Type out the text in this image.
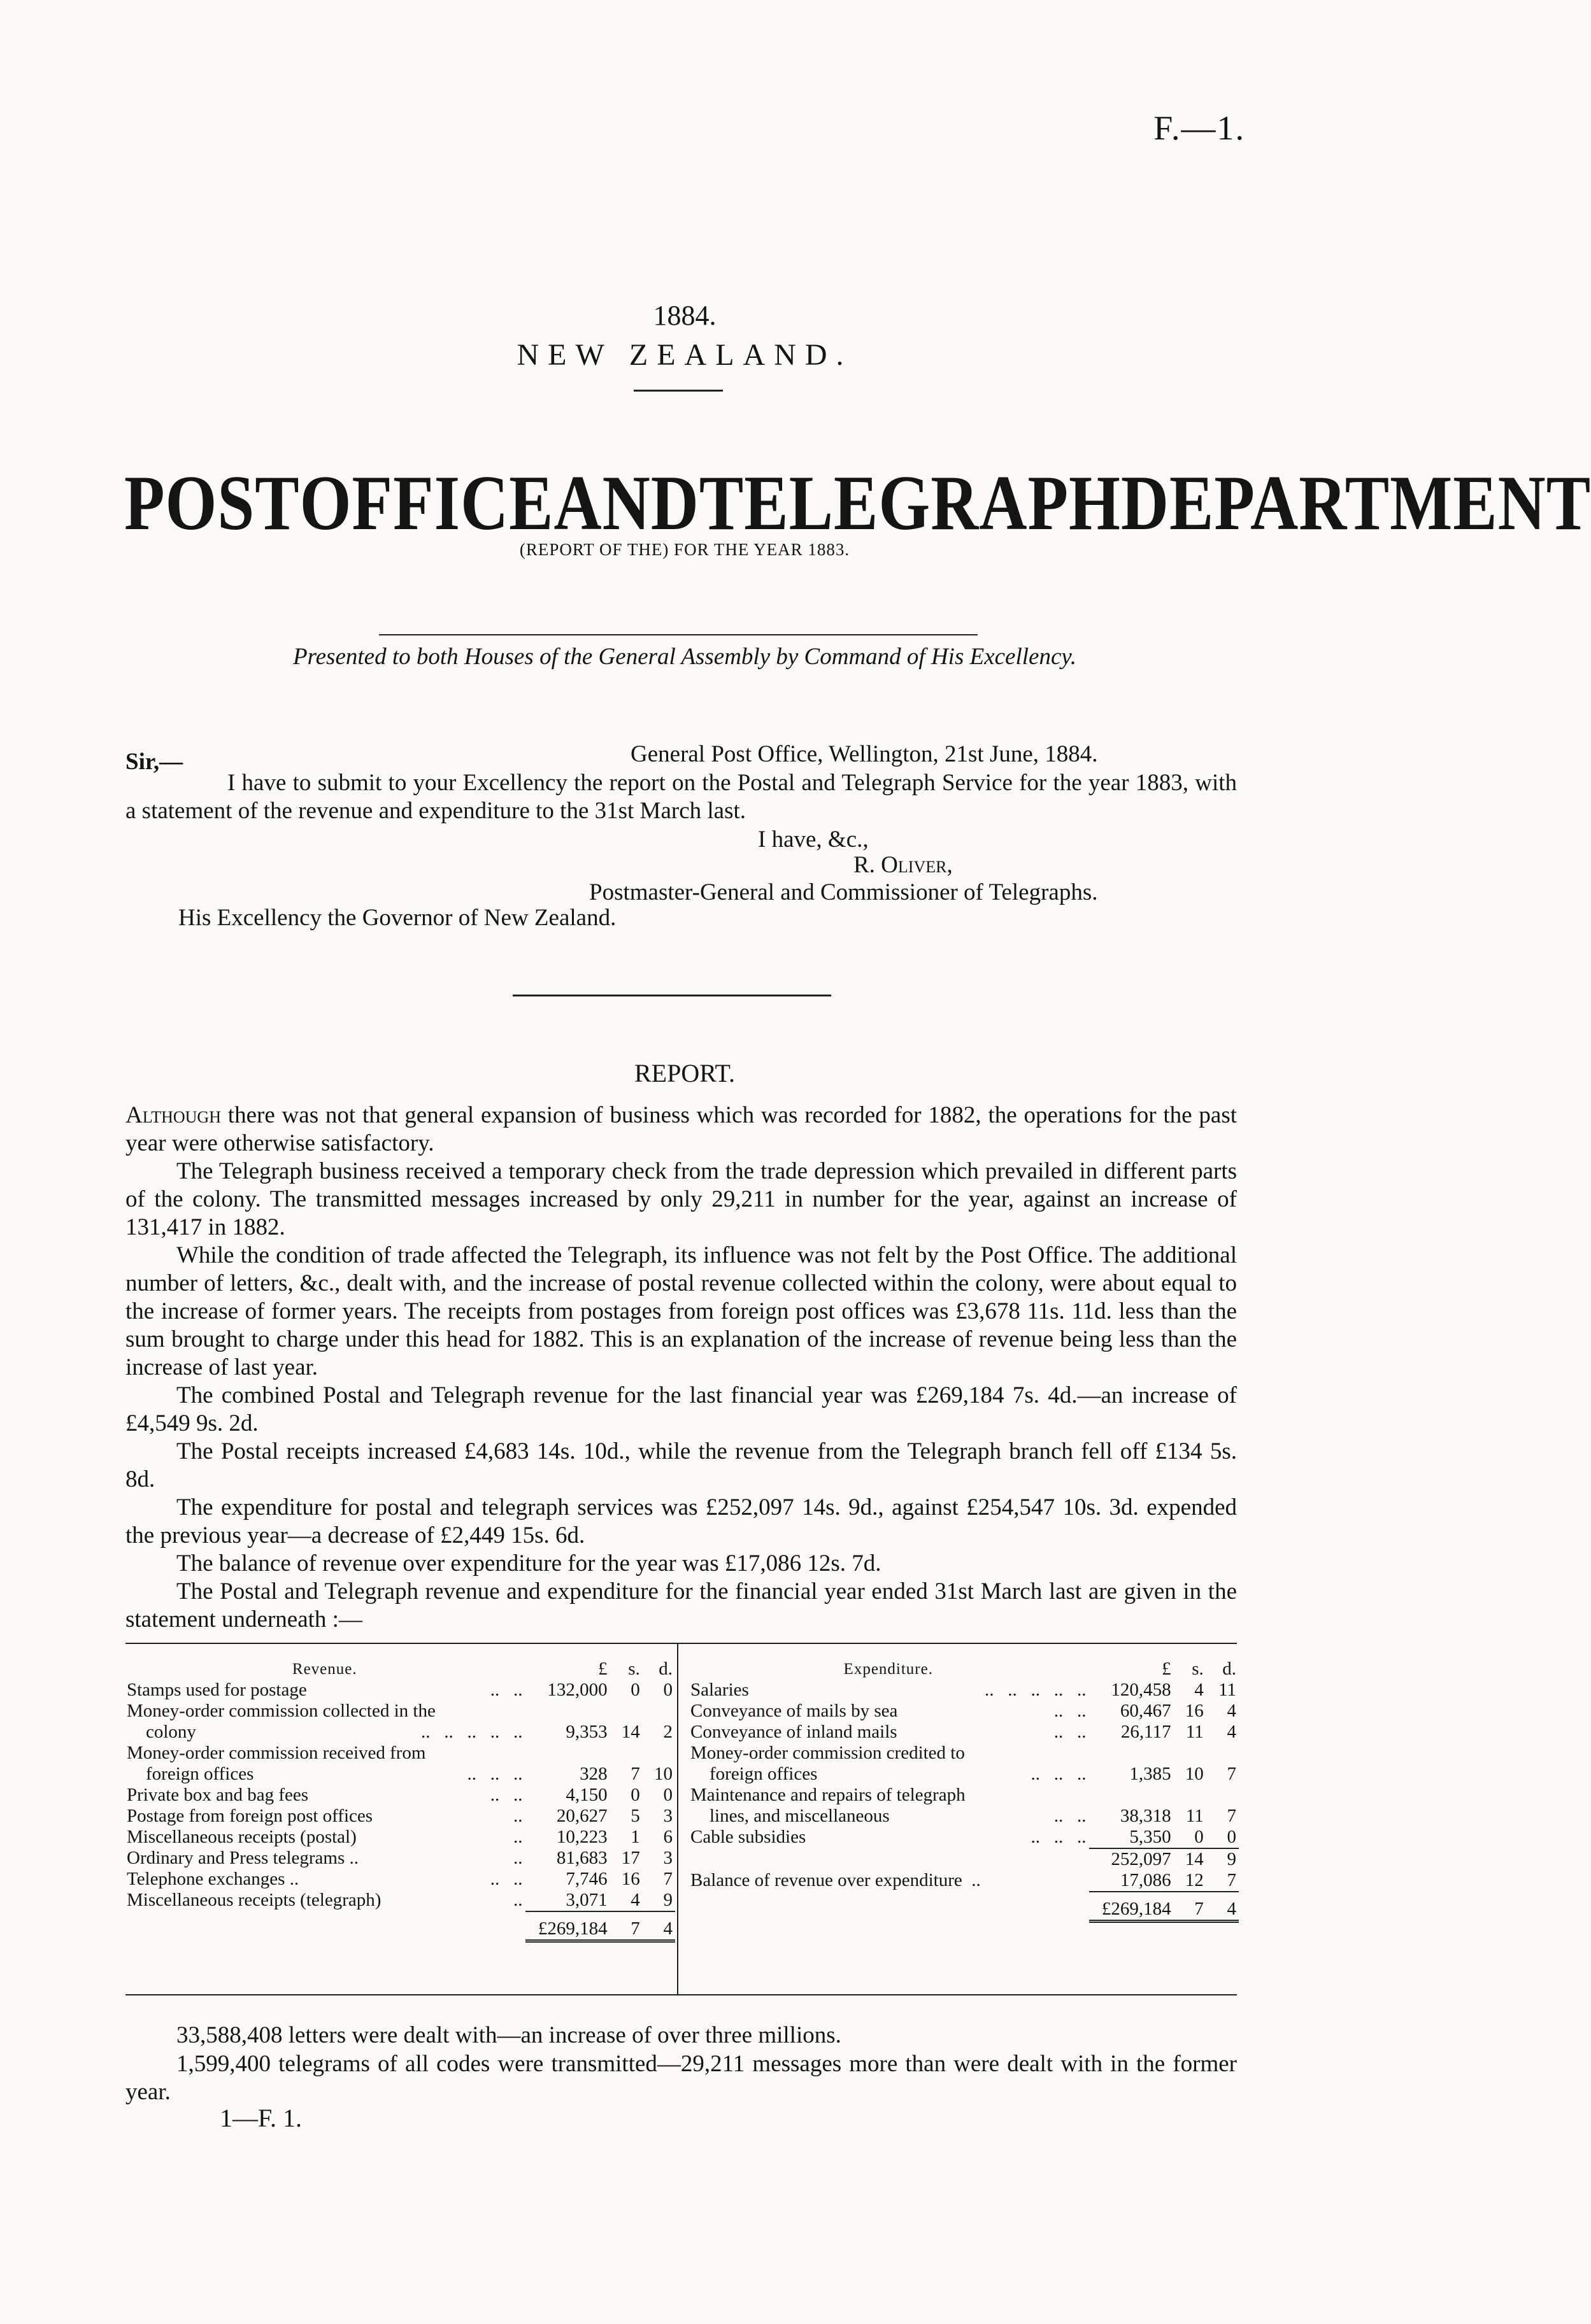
F.—1.
1884.
NEW ZEALAND.
POST OFFICE AND TELEGRAPH DEPARTMENT
(REPORT OF THE) FOR THE YEAR 1883.
Presented to both Houses of the General Assembly by Command of His Excellency.
Sir,—	General Post Office, Wellington, 21st June, 1884.
I have to submit to your Excellency the report on the Postal and Telegraph Service for the year 1883, with a statement of the revenue and expenditure to the 31st March last.
I have, &c.,
R. Oliver,
Postmaster-General and Commissioner of Telegraphs.
His Excellency the Governor of New Zealand.
REPORT.
Although there was not that general expansion of business which was recorded for 1882, the operations for the past year were otherwise satisfactory.
The Telegraph business received a temporary check from the trade depression which prevailed in different parts of the colony. The transmitted messages increased by only 29,211 in number for the year, against an increase of 131,417 in 1882.
While the condition of trade affected the Telegraph, its influence was not felt by the Post Office. The additional number of letters, &c., dealt with, and the increase of postal revenue collected within the colony, were about equal to the increase of former years. The receipts from postages from foreign post offices was £3,678 11s. 11d. less than the sum brought to charge under this head for 1882. This is an explanation of the increase of revenue being less than the increase of last year.
The combined Postal and Telegraph revenue for the last financial year was £269,184 7s. 4d.—an increase of £4,549 9s. 2d.
The Postal receipts increased £4,683 14s. 10d., while the revenue from the Telegraph branch fell off £134 5s. 8d.
The expenditure for postal and telegraph services was £252,097 14s. 9d., against £254,547 10s. 3d. expended the previous year—a decrease of £2,449 15s. 6d.
The balance of revenue over expenditure for the year was £17,086 12s. 7d.
The Postal and Telegraph revenue and expenditure for the financial year ended 31st March last are given in the statement underneath :—
Revenue.	£	s.	d.
Stamps used for postage ..   ..	132,000	0	0
Money-order commission collected in the

colony ..   ..   ..   ..   ..	9,353	14	2
Money-order commission received from

foreign offices ..   ..   ..	328	7	10
Private box and bag fees ..   ..	4,150	0	0
Postage from foreign post offices ..	20,627	5	3
Miscellaneous receipts (postal) ..	10,223	1	6
Ordinary and Press telegrams .. ..	81,683	17	3
Telephone exchanges .. ..   ..	7,746	16	7
Miscellaneous receipts (telegraph) ..	3,071	4	9
	£269,184	7	4
Expenditure.	£	s.	d.
Salaries ..   ..   ..   ..   ..	120,458	4	11
Conveyance of mails by sea ..   ..	60,467	16	4
Conveyance of inland mails ..   ..	26,117	11	4
Money-order commission credited to

foreign offices ..   ..   ..	1,385	10	7
Maintenance and repairs of telegraph

lines, and miscellaneous ..   ..	38,318	11	7
Cable subsidies ..   ..   ..	5,350	0	0
	252,097	14	9
Balance of revenue over expenditure ..	17,086	12	7
	£269,184	7	4
33,588,408 letters were dealt with—an increase of over three millions.
1,599,400 telegrams of all codes were transmitted—29,211 messages more than were dealt with in the former year.
1—F. 1.
